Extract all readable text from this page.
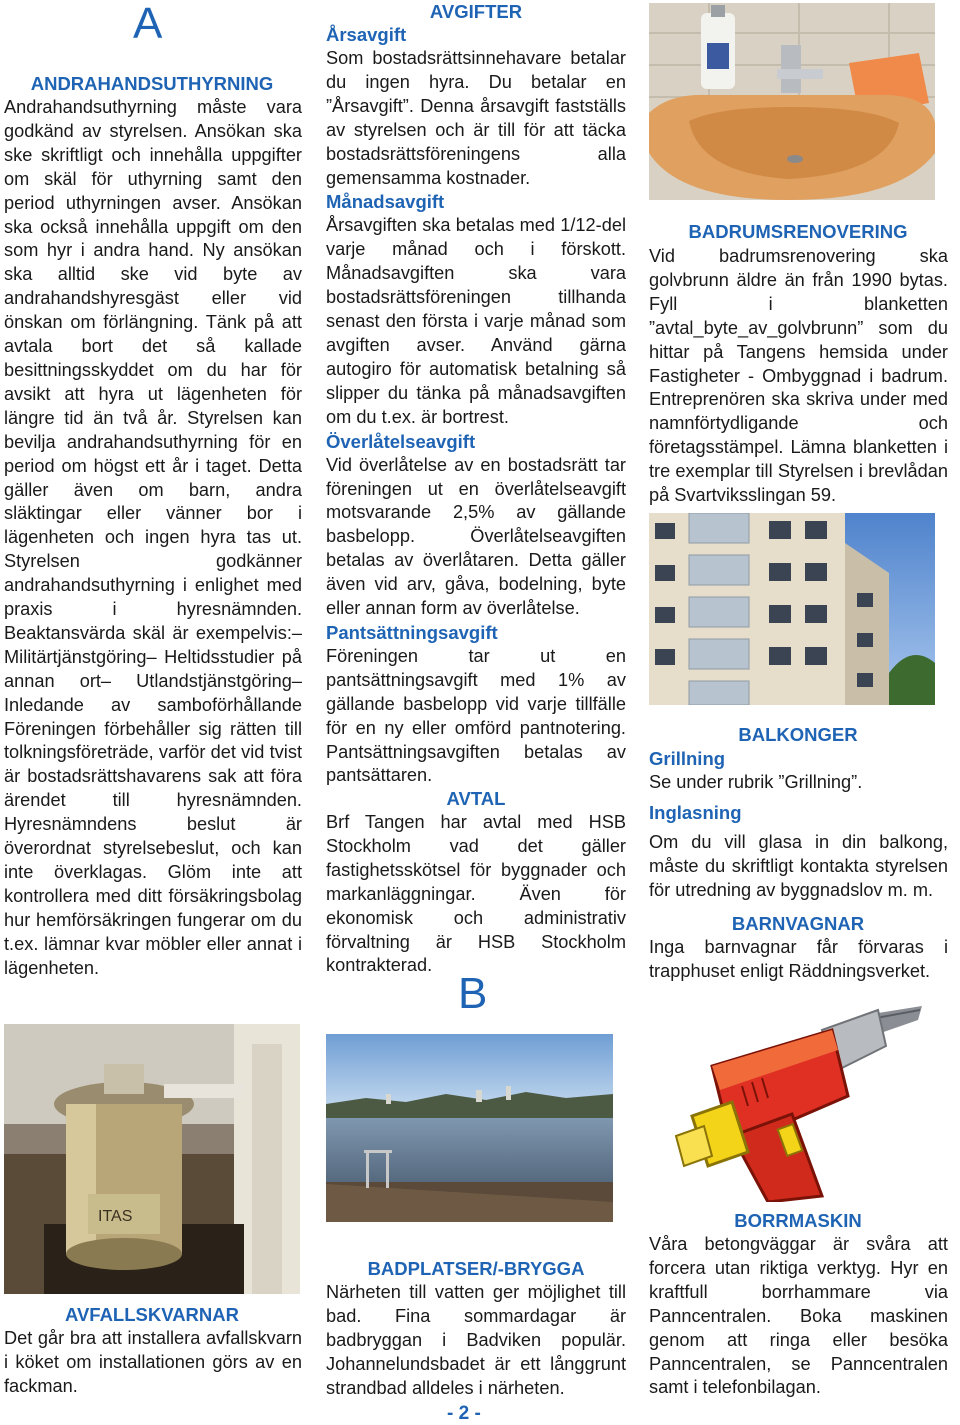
A
ANDRAHANDSUTHYRNING
Andrahandsuthyrning måste vara godkänd av styrelsen. Ansökan ska ske skriftligt och innehålla uppgifter om skäl för uthyrning samt den period uthyrningen avser. Ansökan ska också innehålla uppgift om den som hyr i andra hand. Ny ansökan ska alltid ske vid byte av andrahandshyresgäst eller vid önskan om förlängning. Tänk på att avtala bort det så kallade besittningsskyddet om du har för avsikt att hyra ut lägenheten för längre tid än två år. Styrelsen kan bevilja andrahandsuthyrning för en period om högst ett år i taget. Detta gäller även om barn, andra släktingar eller vänner bor i lägenheten och ingen hyra tas ut. Styrelsen godkänner andrahandsuthyrning i enlighet med praxis i hyresnämnden. Beaktansvärda skäl är exempelvis:– Militärtjänstgöring– Heltidsstudier på annan ort– Utlandstjänstgöring– Inledande av samboförhållande Föreningen förbehåller sig rätten till tolkningsföreträde, varför det vid tvist är bostadsrättshavarens sak att föra ärendet till hyresnämnden. Hyresnämndens beslut är överordnat styrelsebeslut, och kan inte överklagas. Glöm inte att kontrollera med ditt försäkringsbolag hur hemförsäkringen fungerar om du t.ex. lämnar kvar möbler eller annat i lägenheten.
ITAS
AVFALLSKVARNAR
Det går bra att installera avfallskvarn i köket om installationen görs av en fackman.
AVGIFTER
Årsavgift
Som bostadsrättsinnehavare betalar du ingen hyra. Du betalar en ”Årsavgift”. Denna årsavgift fastställs av styrelsen och är till för att täcka bostadsrättsföreningens alla gemensamma kostnader.
Månadsavgift
Årsavgiften ska betalas med 1/12-del varje månad och i förskott. Månadsavgiften ska vara bostadsrättsföreningen tillhanda senast den första i varje månad som avgiften avser. Använd gärna autogiro för automatisk betalning så slipper du tänka på månadsavgiften om du t.ex. är bortrest.
Överlåtelseavgift
Vid överlåtelse av en bostadsrätt tar föreningen ut en överlåtelseavgift motsvarande 2,5% av gällande basbelopp. Överlåtelseavgiften betalas av överlåtaren. Detta gäller även vid arv, gåva, bodelning, byte eller annan form av överlåtelse.
Pantsättningsavgift
Föreningen tar ut en pantsättningsavgift med 1% av gällande basbelopp vid varje tillfälle för en ny eller omförd pantnotering. Pantsättningsavgiften betalas av pantsättaren.
AVTAL
Brf Tangen har avtal med HSB Stockholm vad det gäller fastighetsskötsel för byggnader och markanläggningar. Även för ekonomisk och administrativ förvaltning är HSB Stockholm kontrakterad.
B
BADPLATSER/-BRYGGA
Närheten till vatten ger möjlighet till bad. Fina sommardagar är badbryggan i Badviken populär. Johannelundsbadet är ett långgrunt strandbad alldeles i närheten.
- 2 -
BADRUMSRENOVERING
Vid badrumsrenovering ska golvbrunn äldre än från 1990 bytas. Fyll i blanketten ”avtal_byte_av_golvbrunn” som du hittar på Tangens hemsida under Fastigheter - Ombyggnad i badrum. Entreprenören ska skriva under med namnförtydligande och företagsstämpel. Lämna blanketten i tre exemplar till Styrelsen i brevlådan på Svartviksslingan 59.
BALKONGER
Grillning
Se under rubrik ”Grillning”.
Inglasning
Om du vill glasa in din balkong, måste du skriftligt kontakta styrelsen för utredning av byggnadslov m. m.
BARNVAGNAR
Inga barnvagnar får förvaras i trapphuset enligt Räddningsverket.
BORRMASKIN
Våra betongväggar är svåra att forcera utan riktiga verktyg. Hyr en kraftfull borrhammare via Panncentralen. Boka maskinen genom att ringa eller besöka Panncentralen, se Panncentralen samt i telefonbilagan.
